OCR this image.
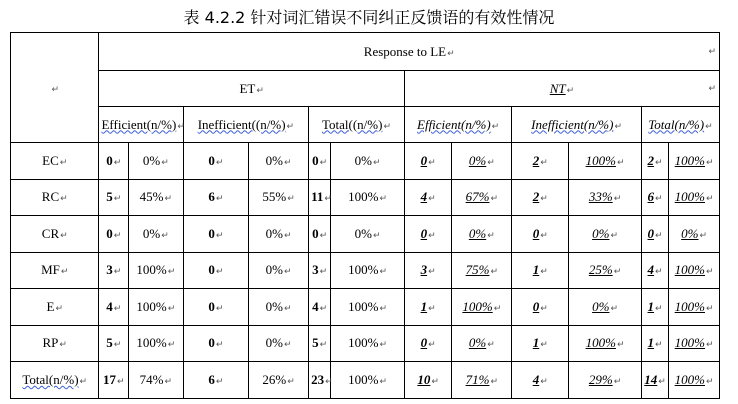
表 4.2.2 针对词汇错误不同纠正反馈语的有效性情况
↵	Response to LE↵ ↵											

	ET↵						NT↵ ↵					

	Efficient(n/%)↵		Inefficient((n/%)↵		Total((n/%)↵		Efficient(n/%)↵		Inefficient(n/%)↵		Total(n/%)↵	
EC↵	0↵	0%↵	0↵	0%↵	0↵	0%↵	0↵	0%↵	2↵	100%↵	2↵	100%↵
RC↵	5↵	45%↵	6↵	55%↵	11↵	100%↵	4↵	67%↵	2↵	33%↵	6↵	100%↵
CR↵	0↵	0%↵	0↵	0%↵	0↵	0%↵	0↵	0%↵	0↵	0%↵	0↵	0%↵
MF↵	3↵	100%↵	0↵	0%↵	3↵	100%↵	3↵	75%↵	1↵	25%↵	4↵	100%↵
E↵	4↵	100%↵	0↵	0%↵	4↵	100%↵	1↵	100%↵	0↵	0%↵	1↵	100%↵
RP↵	5↵	100%↵	0↵	0%↵	5↵	100%↵	0↵	0%↵	1↵	100%↵	1↵	100%↵
Total(n/%)↵	17↵	74%↵	6↵	26%↵	23↵	100%↵	10↵	71%↵	4↵	29%↵	14↵	100%↵
